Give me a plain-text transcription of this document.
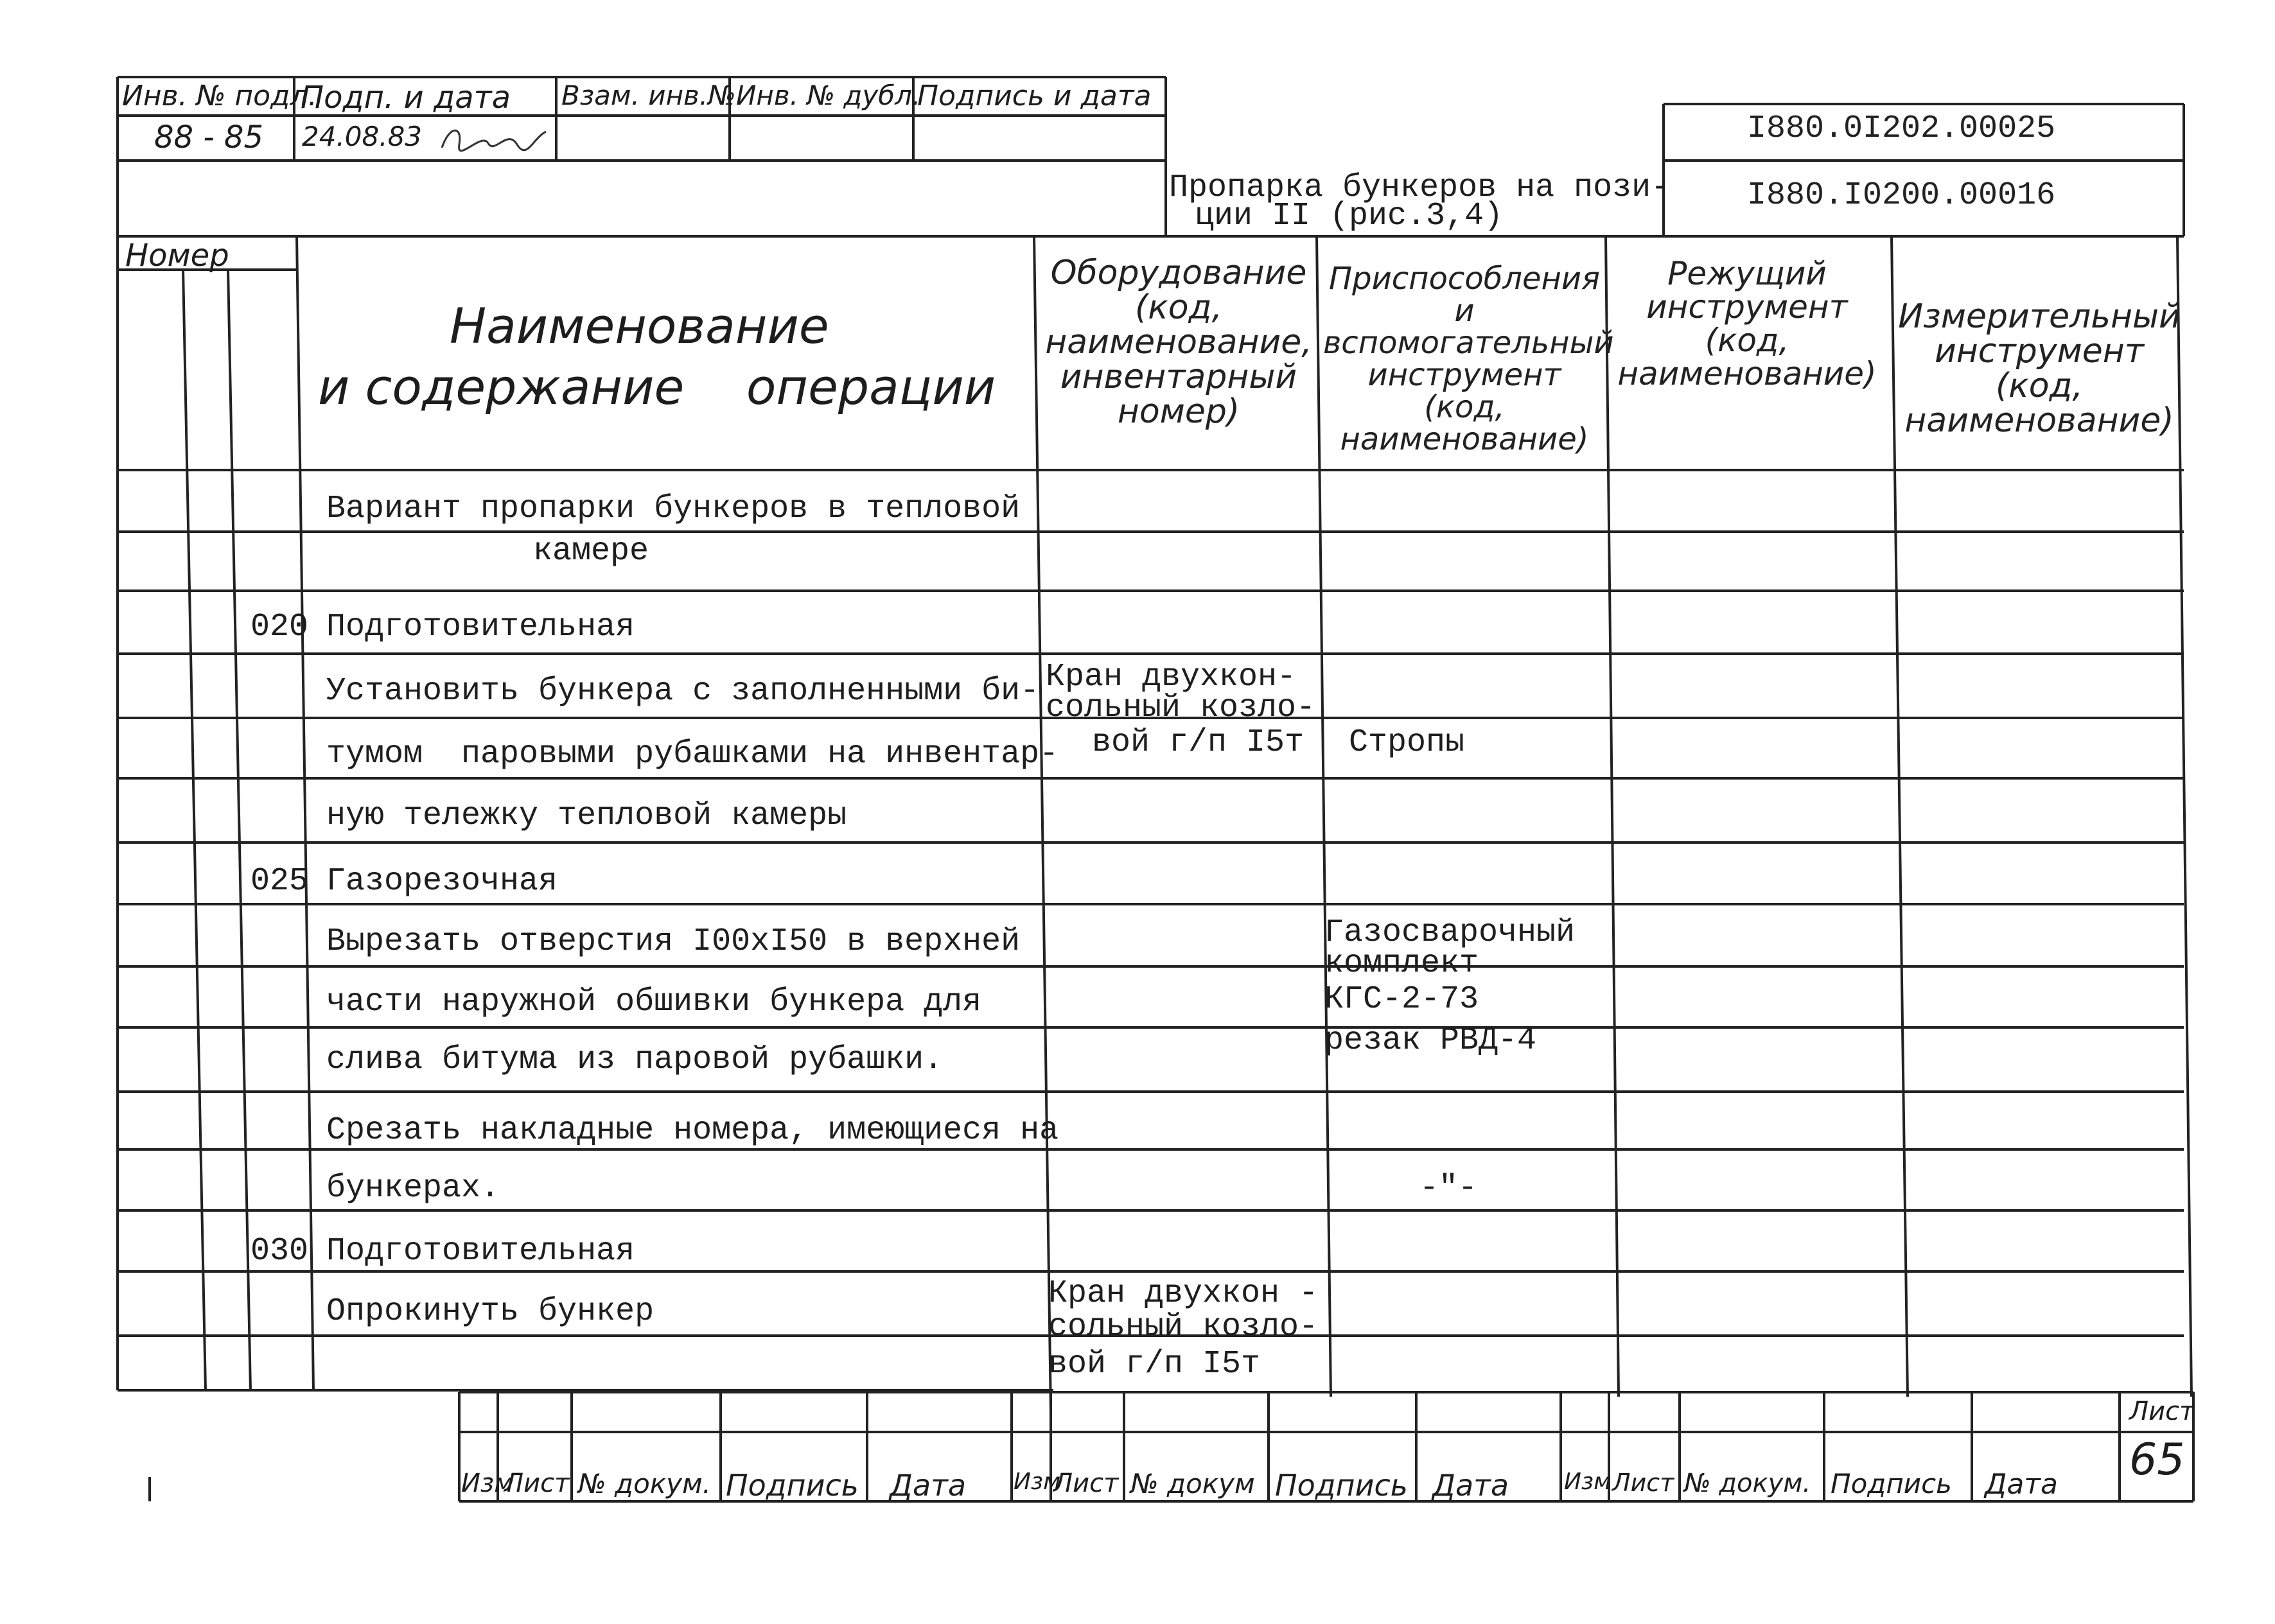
Инв. № подл.
Подп. и дата Взам. инв.№ Инв. № дубл.
Подпись и дата
88 - 85 24.08.83	I880.0I202.00025
I880.I0200.00016
Пропарка бункеров на пози-
ции II (рис.3,4)
Номер
Наименование
и содержание    операции
Оборудование
(код,
наименование,
инвентарный
номер)
Приспособления
и вспомогательный
инструмент
(код,
наименование)
Режущий
инструмент
(код,
наименование)
Измерительный
инструмент
(код,
наименование)
Вариант пропарки бункеров в тепловой
камере
020 Подготовительная
Установить бункера с заполненными би-
тумом  паровыми рубашками на инвентар-
ную тележку тепловой камеры
025 Газорезочная
Вырезать отверстия I00xI50 в верхней
части наружной обшивки бункера для
слива битума из паровой рубашки.
Срезать накладные номера, имеющиеся на
бункерах.
030 Подготовительная
Опрокинуть бункер
Кран двухкон-
сольный козло-
вой г/п I5т
Кран двухкон -
сольный козло-
вой г/п I5т
Стропы
Газосварочный
комплект
КГС-2-73
резак РВД-4
-"-
Изм
Лист № докум. Подпись Дата Изм
Лист № докум Подпись Дата Изм Лист № докум. Подпись Дата
Лист
65
